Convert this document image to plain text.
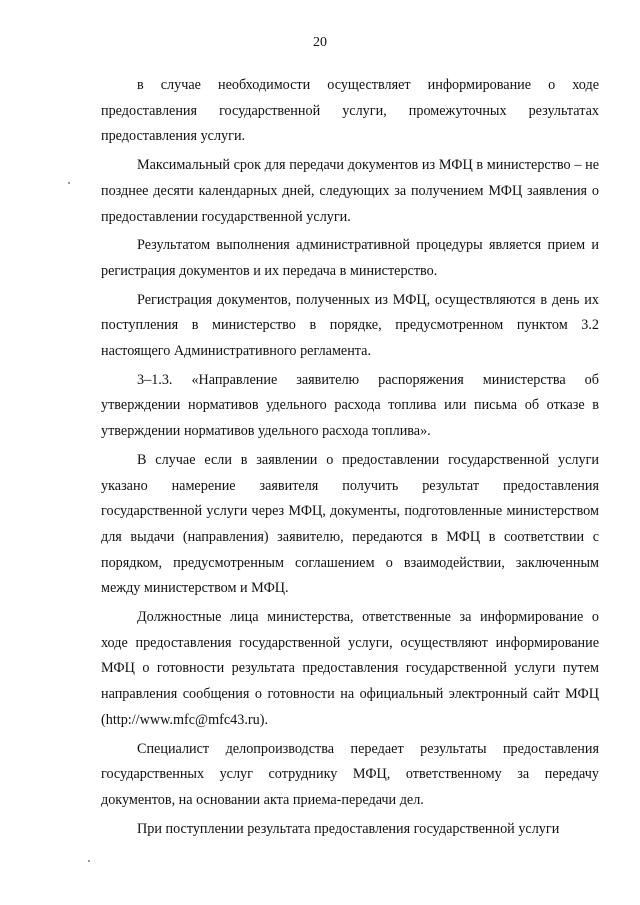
20

в случае необходимости осуществляет информирование о ходе предоставления государственной услуги, промежуточных результатах предоставления услуги.

Максимальный срок для передачи документов из МФЦ в министерство – не позднее десяти календарных дней, следующих за получением МФЦ заявления о предоставлении государственной услуги.

Результатом выполнения административной процедуры является прием и регистрация документов и их передача в министерство.

Регистрация документов, полученных из МФЦ, осуществляются в день их поступления в министерство в порядке, предусмотренном пунктом 3.2 настоящего Административного регламента.

3–1.3. «Направление заявителю распоряжения министерства об утверждении нормативов удельного расхода топлива или письма об отказе в утверждении нормативов удельного расхода топлива».

В случае если в заявлении о предоставлении государственной услуги указано намерение заявителя получить результат предоставления государственной услуги через МФЦ, документы, подготовленные министерством для выдачи (направления) заявителю, передаются в МФЦ в соответствии с порядком, предусмотренным соглашением о взаимодействии, заключенным между министерством и МФЦ.

Должностные лица министерства, ответственные за информирование о ходе предоставления государственной услуги, осуществляют информирование МФЦ о готовности результата предоставления государственной услуги путем направления сообщения о готовности на официальный электронный сайт МФЦ (http://www.mfc@mfc43.ru).

Специалист делопроизводства передает результаты предоставления государственных услуг сотруднику МФЦ, ответственному за передачу документов, на основании акта приема-передачи дел.

При поступлении результата предоставления государственной услуги
